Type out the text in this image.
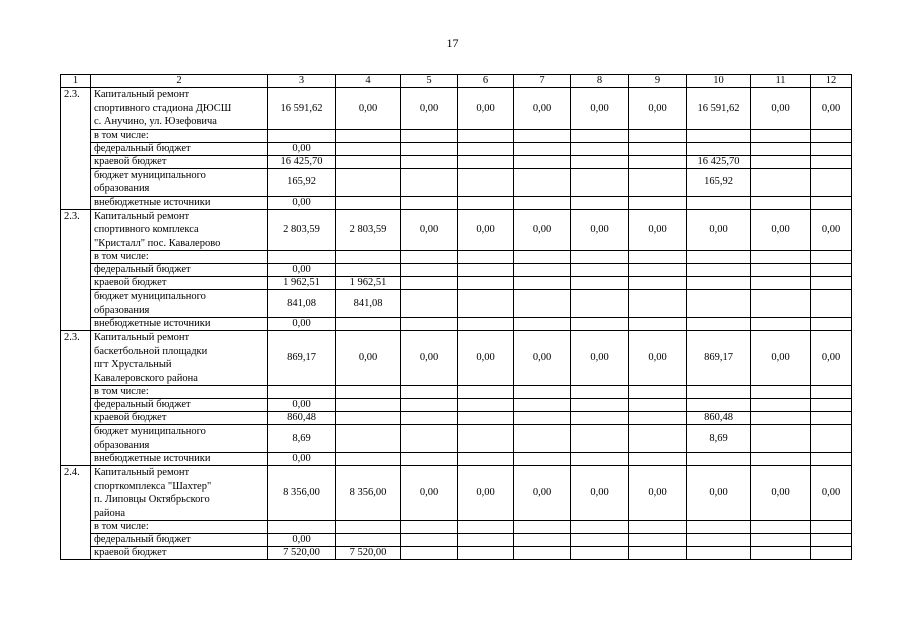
17
1	2	3	4	5	6	7	8	9	10	11	12
2.3.	Капитальный ремонт
спортивного стадиона ДЮСШ
с. Анучино, ул. Юзефовича	16 591,62	0,00	0,00	0,00	0,00	0,00	0,00	16 591,62	0,00	0,00
	в том числе:										
	федеральный бюджет	0,00									
	краевой бюджет	16 425,70							16 425,70		
	бюджет муниципального
образования	165,92							165,92		
	внебюджетные источники	0,00									
2.3.	Капитальный ремонт
спортивного комплекса
"Кристалл" пос. Кавалерово	2 803,59	2 803,59	0,00	0,00	0,00	0,00	0,00	0,00	0,00	0,00
	в том числе:										
	федеральный бюджет	0,00									
	краевой бюджет	1 962,51	1 962,51								
	бюджет муниципального
образования	841,08	841,08								
	внебюджетные источники	0,00									
2.3.	Капитальный ремонт
баскетбольной площадки
пгт Хрустальный
Кавалеровского района	869,17	0,00	0,00	0,00	0,00	0,00	0,00	869,17	0,00	0,00
	в том числе:										
	федеральный бюджет	0,00									
	краевой бюджет	860,48							860,48		
	бюджет муниципального
образования	8,69							8,69		
	внебюджетные источники	0,00									
2.4.	Капитальный ремонт
спорткомплекса "Шахтер"
п. Липовцы Октябрьского
района	8 356,00	8 356,00	0,00	0,00	0,00	0,00	0,00	0,00	0,00	0,00
	в том числе:										
	федеральный бюджет	0,00									
	краевой бюджет	7 520,00	7 520,00								
